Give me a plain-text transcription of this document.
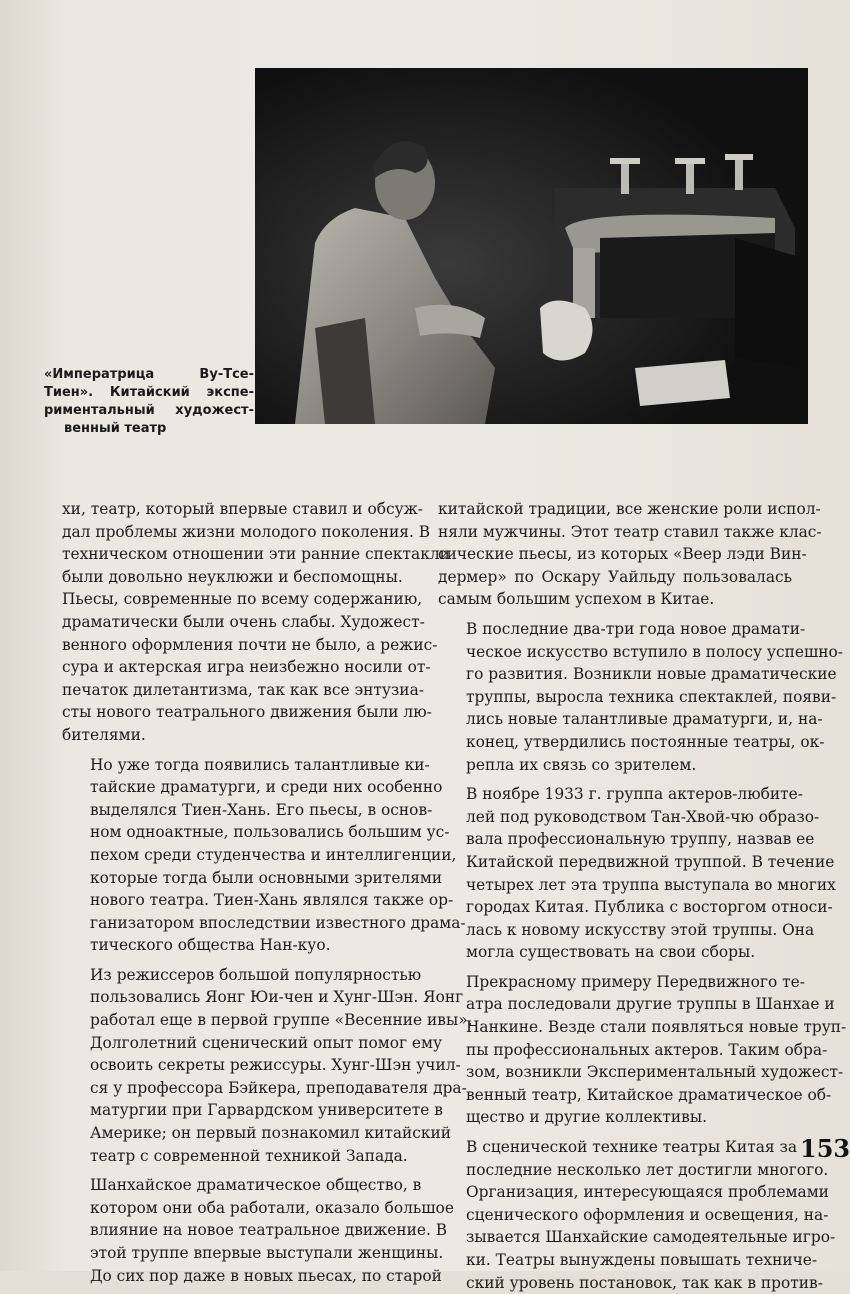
«Императрица Ву-Тсе-
Тиен». Китайский экспе-
риментальный художест-
венный театр

хи, театр, который впервые ставил и обсуж-
дал проблемы жизни молодого поколения. В
техническом отношении эти ранние спектакли
были довольно неуклюжи и беспомощны.
Пьесы, современные по всему содержанию,
драматически были очень слабы. Художест-
венного оформления почти не было, а режис-
сура и актерская игра неизбежно носили от-
печаток дилетантизма, так как все энтузиа-
сты нового театрального движения были лю-
бителями.

Но уже тогда появились талантливые ки-
тайские драматурги, и среди них особенно
выделялся Тиен-Хань. Его пьесы, в основ-
ном одноактные, пользовались большим ус-
пехом среди студенчества и интеллигенции,
которые тогда были основными зрителями
нового театра. Тиен-Хань являлся также ор-
ганизатором впоследствии известного драма-
тического общества Нан-куо.

Из режиссеров большой популярностью
пользовались Яонг Юи-чен и Хунг-Шэн. Яонг
работал еще в первой группе «Весенние ивы».
Долголетний сценический опыт помог ему
освоить секреты режиссуры. Хунг-Шэн учил-
ся у профессора Бэйкера, преподавателя дра-
матургии при Гарвардском университете в
Америке; он первый познакомил китайский
театр с современной техникой Запада.

Шанхайское драматическое общество, в
котором они оба работали, оказало большое
влияние на новое театральное движение. В
этой труппе впервые выступали женщины.
До сих пор даже в новых пьесах, по старой

китайской традиции, все женские роли испол-
няли мужчины. Этот театр ставил также клас-
сические пьесы, из которых «Веер лэди Вин-
дермер» по Оскару Уайльду пользовалась
самым большим успехом в Китае.

В последние два-три года новое драмати-
ческое искусство вступило в полосу успешно-
го развития. Возникли новые драматические
труппы, выросла техника спектаклей, появи-
лись новые талантливые драматурги, и, на-
конец, утвердились постоянные театры, ок-
репла их связь со зрителем.

В ноябре 1933 г. группа актеров-любите-
лей под руководством Тан-Хвой-чю образо-
вала профессиональную труппу, назвав ее
Китайской передвижной труппой. В течение
четырех лет эта труппа выступала во многих
городах Китая. Публика с восторгом относи-
лась к новому искусству этой труппы. Она
могла существовать на свои сборы.

Прекрасному примеру Передвижного те-
атра последовали другие труппы в Шанхае и
Нанкине. Везде стали появляться новые труп-
пы профессиональных актеров. Таким обра-
зом, возникли Экспериментальный художест-
венный театр, Китайское драматическое об-
щество и другие коллективы.

В сценической технике театры Китая за
последние несколько лет достигли многого.
Организация, интересующаяся проблемами
сценического оформления и освещения, на-
зывается Шанхайские самодеятельные игро-
ки. Театры вынуждены повышать техниче-
ский уровень постановок, так как в против-

153
